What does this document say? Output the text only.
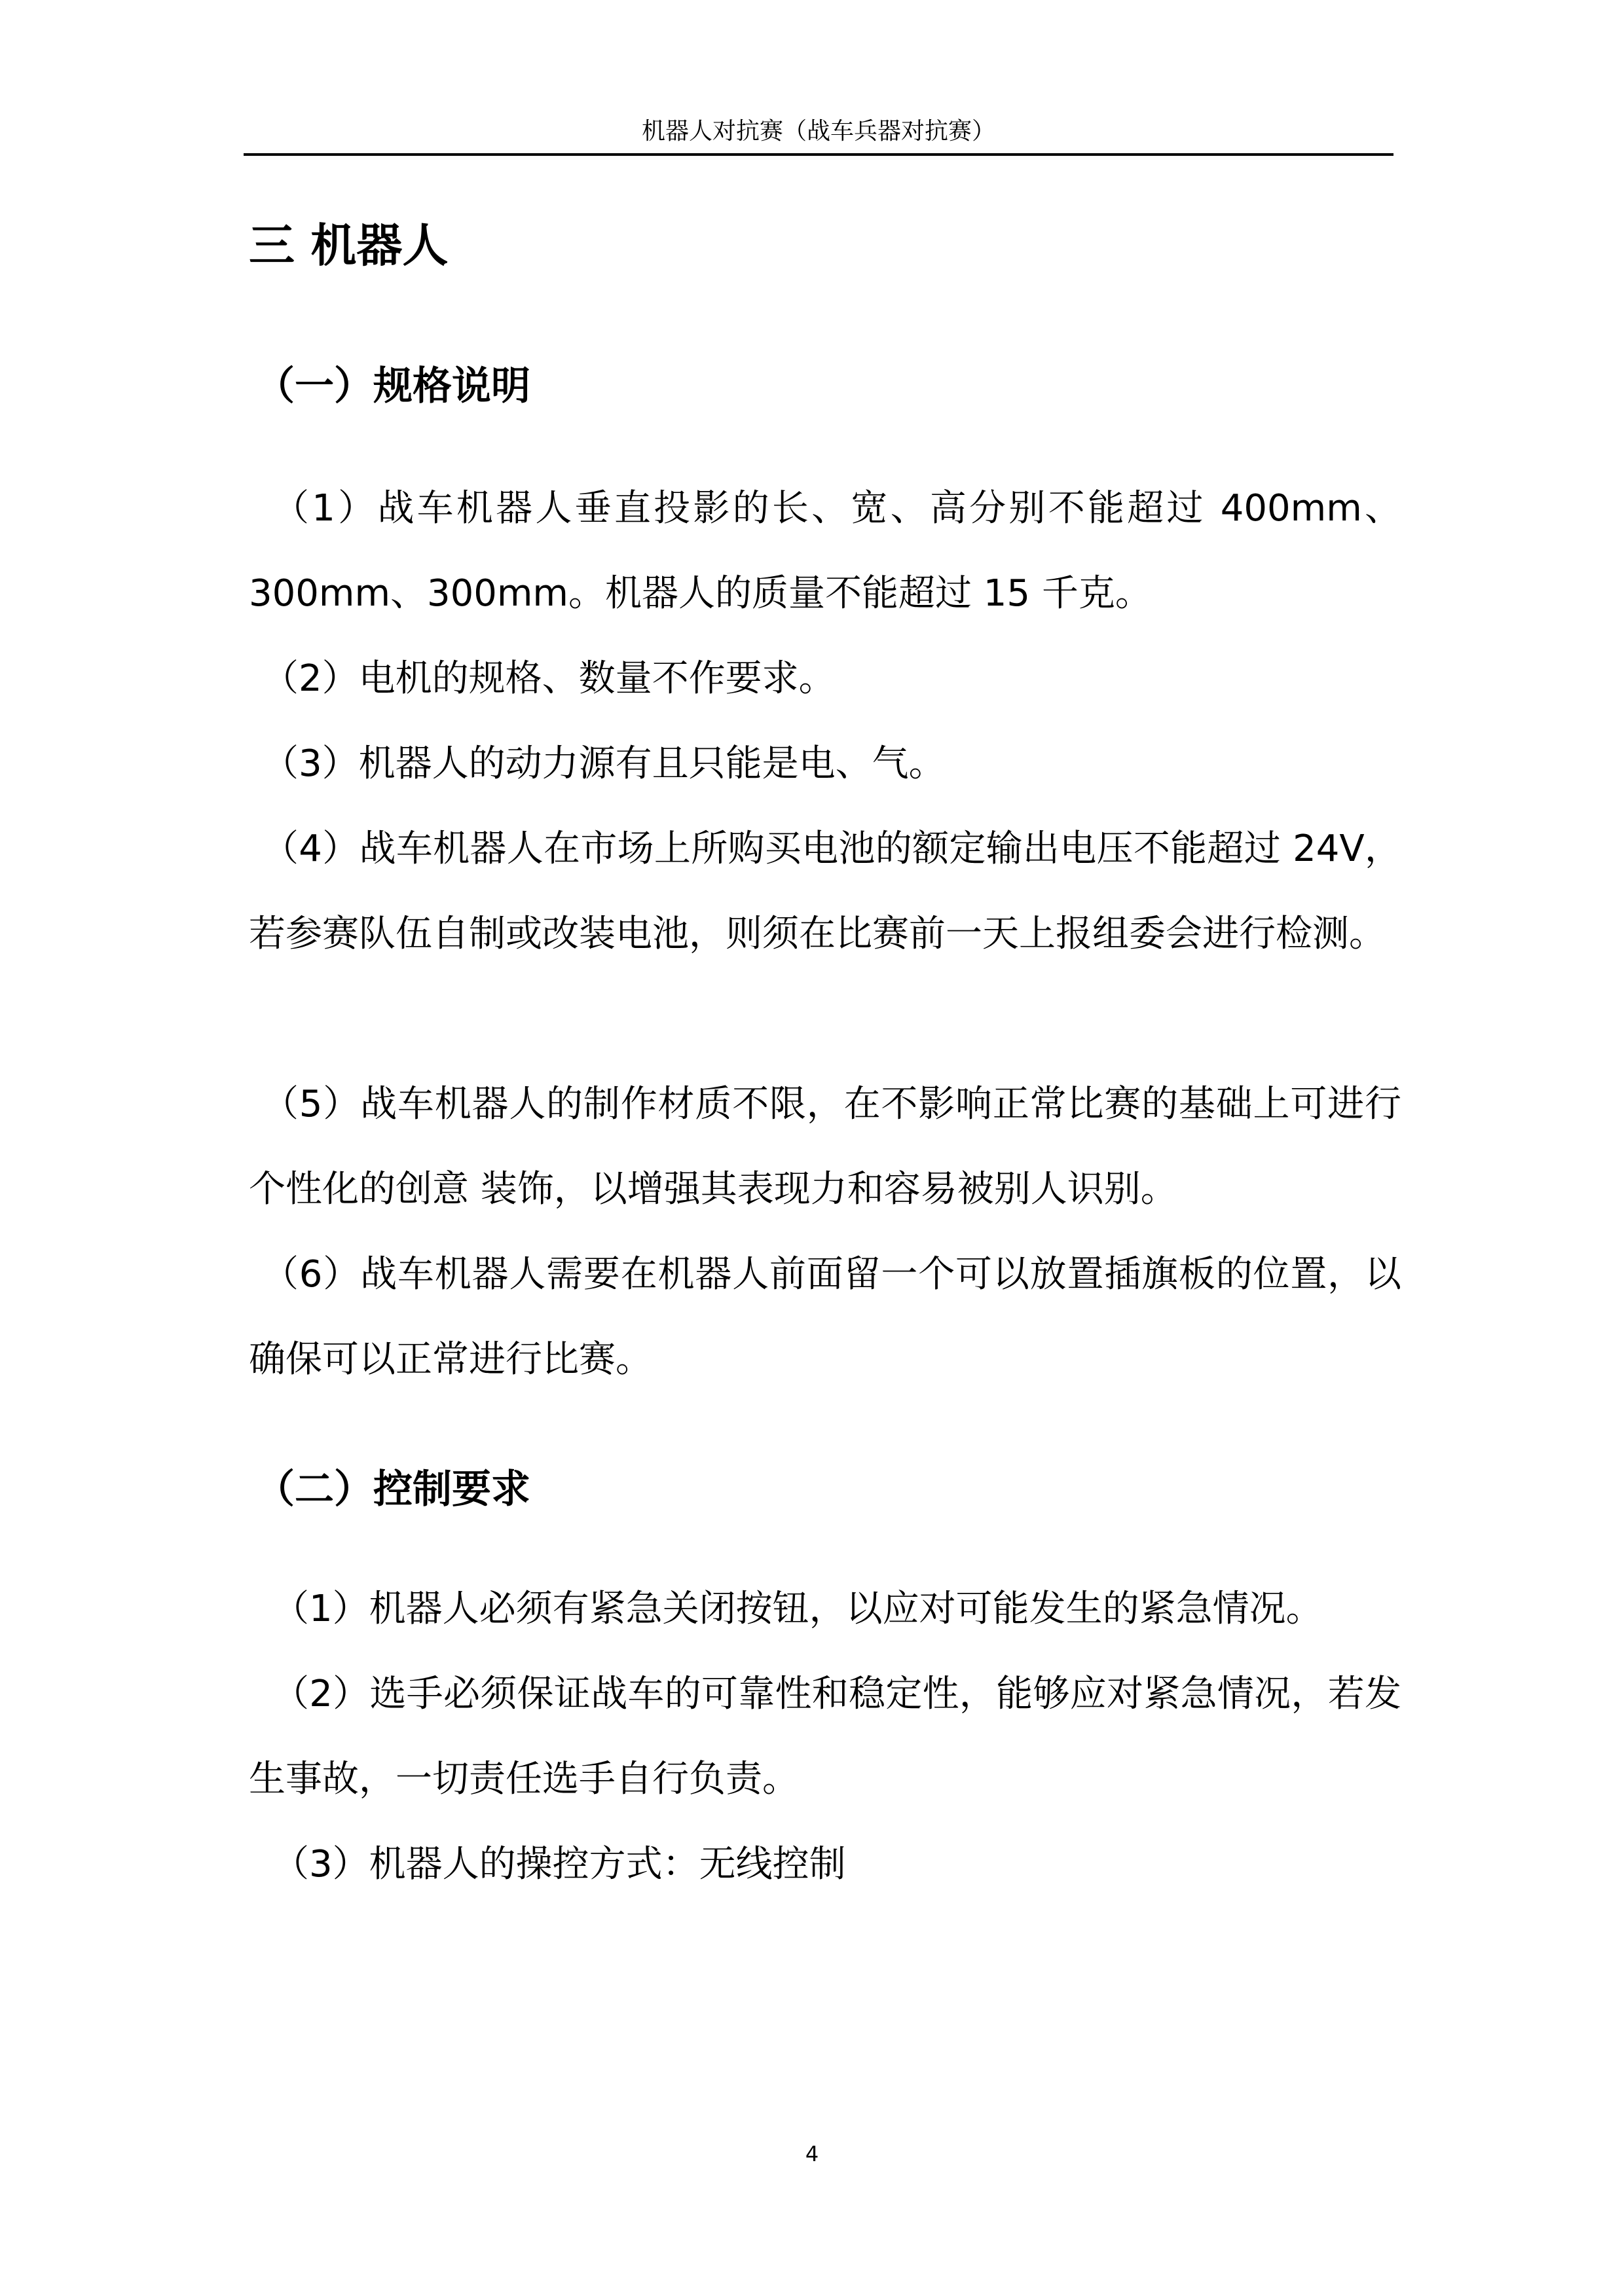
机器人对抗赛（战车兵器对抗赛）
三 机器人
（一）规格说明

（1）战车机器人垂直投影的长、宽、高分别不能超过 400mm、300mm、300mm。机器人的质量不能超过 15 千克。

（2）电机的规格、数量不作要求。

（3）机器人的动力源有且只能是电、气。

（4）战车机器人在市场上所购买电池的额定输出电压不能超过 24V，若参赛队伍自制或改装电池，则须在比赛前一天上报组委会进行检测。

（5）战车机器人的制作材质不限，在不影响正常比赛的基础上可进行个性化的创意 装饰，以增强其表现力和容易被别人识别。

（6）战车机器人需要在机器人前面留一个可以放置插旗板的位置，以确保可以正常进行比赛。

（二）控制要求

（1）机器人必须有紧急关闭按钮，以应对可能发生的紧急情况。

（2）选手必须保证战车的可靠性和稳定性，能够应对紧急情况，若发生事故，一切责任选手自行负责。

（3）机器人的操控方式：无线控制

4
